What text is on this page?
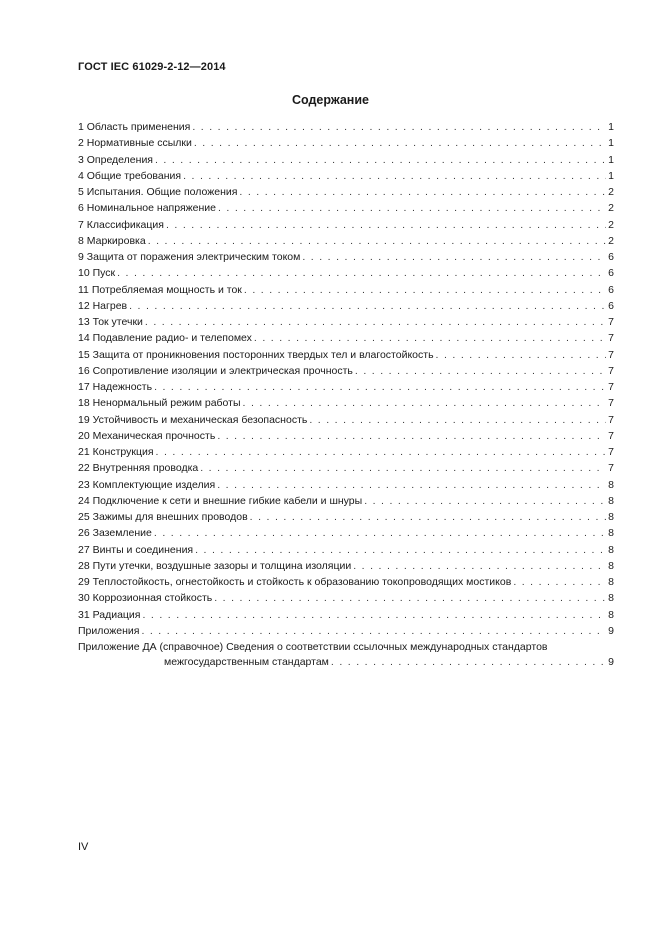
ГОСТ IEC 61029-2-12—2014
Содержание
1 Область применения . . .	1
2 Нормативные ссылки . . .	1
3 Определения . . .	1
4 Общие требования . . .	1
5 Испытания. Общие положения . . .	2
6 Номинальное напряжение . . .	2
7 Классификация . . .	2
8 Маркировка . . .	2
9 Защита от поражения электрическим током . . .	6
10 Пуск . . .	6
11 Потребляемая мощность и ток . . .	6
12 Нагрев . . .	6
13 Ток утечки . . .	7
14 Подавление радио- и телепомех . . .	7
15 Защита от проникновения посторонних твердых тел и влагостойкость . . .	7
16 Сопротивление изоляции и электрическая прочность . . .	7
17 Надежность . . .	7
18 Ненормальный режим работы . . .	7
19 Устойчивость и механическая безопасность . . .	7
20 Механическая прочность . . .	7
21 Конструкция . . .	7
22 Внутренняя проводка . . .	7
23 Комплектующие изделия . . .	8
24 Подключение к сети и внешние гибкие кабели и шнуры . . .	8
25 Зажимы для внешних проводов . . .	8
26 Заземление . . .	8
27 Винты и соединения . . .	8
28 Пути утечки, воздушные зазоры и толщина изоляции . . .	8
29 Теплостойкость, огнестойкость и стойкость к образованию токопроводящих мостиков . . .	8
30 Коррозионная стойкость . . .	8
31 Радиация . . .	8
Приложения . . .	9
Приложение ДА (справочное) Сведения о соответствии ссылочных международных стандартов
межгосударственным стандартам . . .	9
IV
